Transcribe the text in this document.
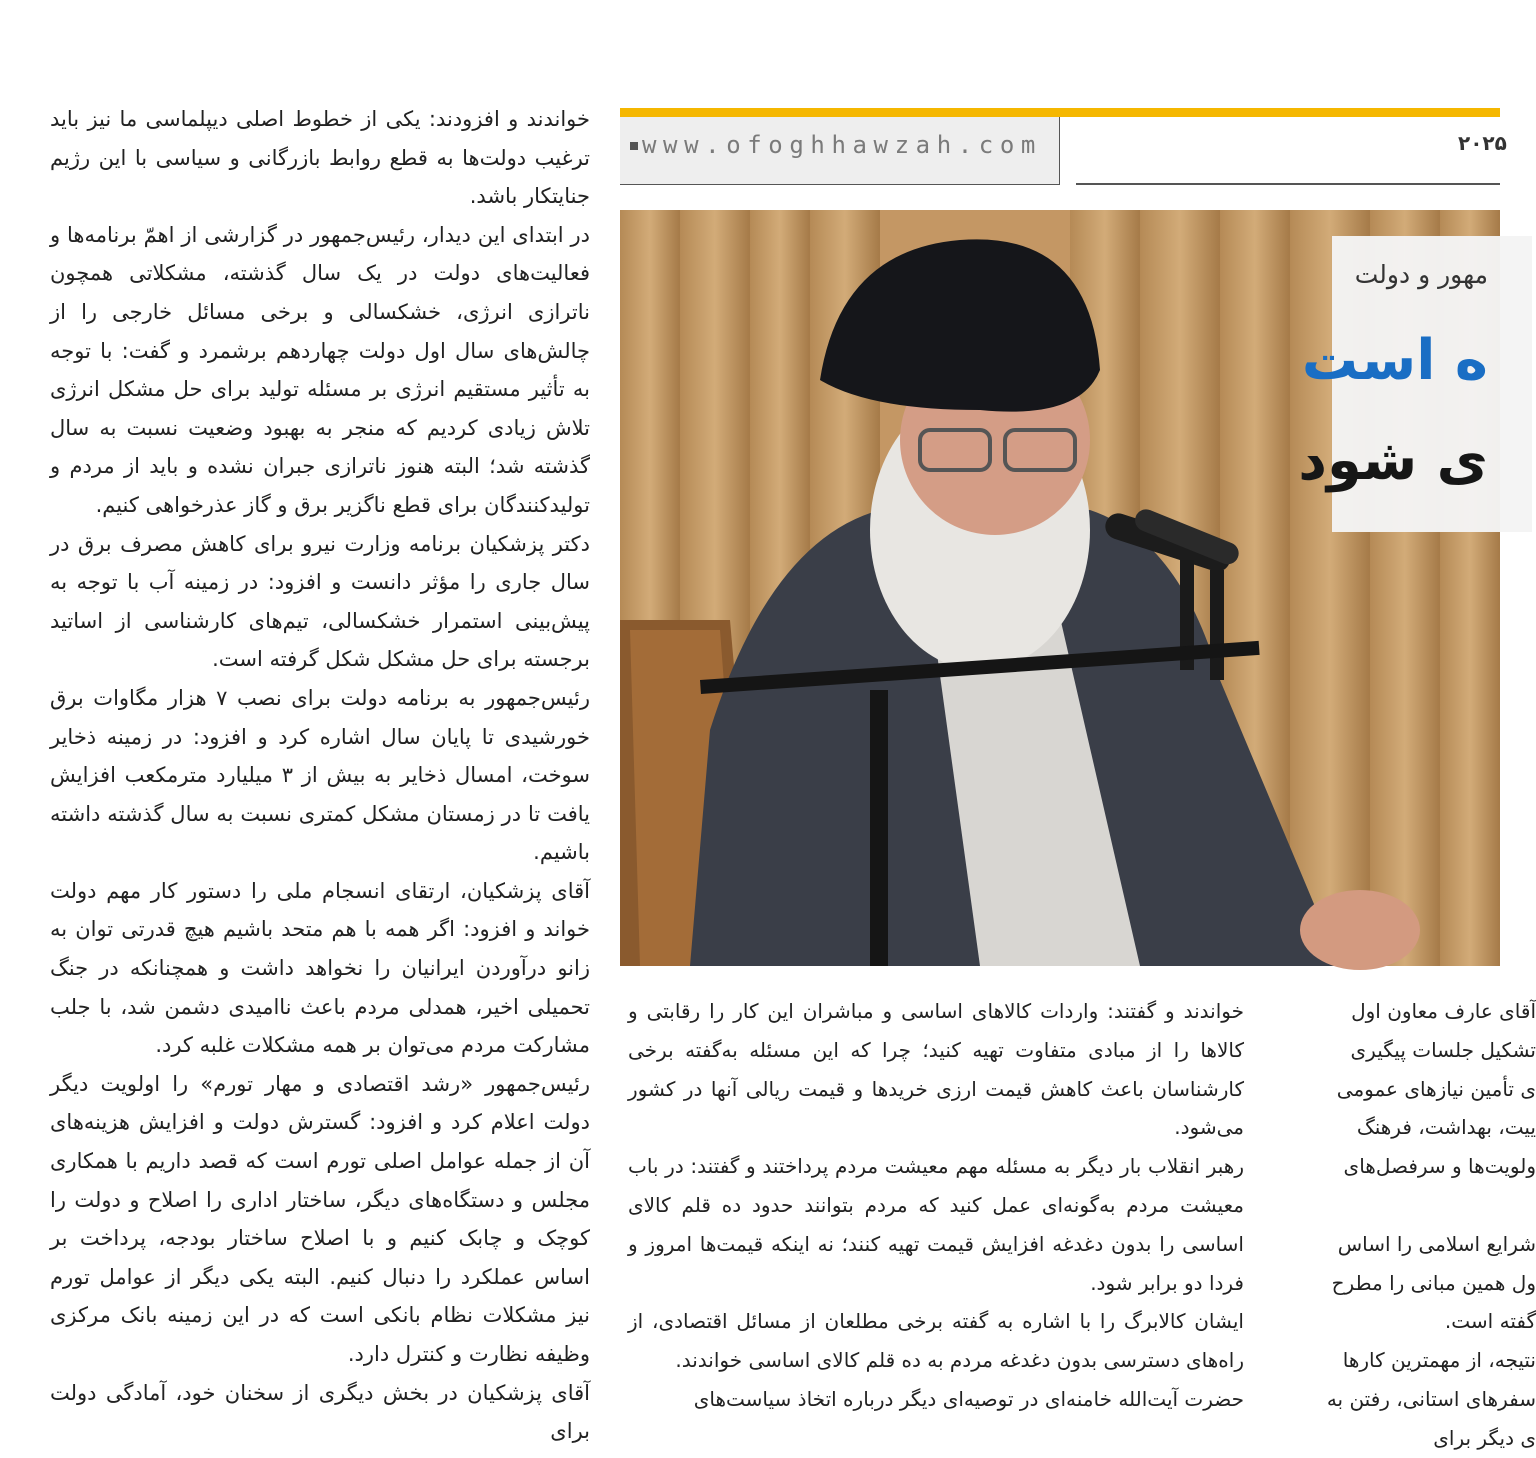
www.ofoghhawzah.com	۲۰۲۵
مهور و دولت
ه است
ی شود

خواندند و افزودند: یکی از خطوط اصلی دیپلماسی ما نیز باید ترغیب دولت‌ها به قطع روابط بازرگانی و سیاسی با این رژیم جنایتکار باشد.

در ابتدای این دیدار، رئیس‌جمهور در گزارشی از اهمّ برنامه‌ها و فعالیت‌های دولت در یک سال گذشته، مشکلاتی همچون ناترازی انرژی، خشکسالی و برخی مسائل خارجی را از چالش‌های سال اول دولت چهاردهم برشمرد و گفت: با توجه به تأثیر مستقیم انرژی بر مسئله تولید برای حل مشکل انرژی تلاش زیادی کردیم که منجر به بهبود وضعیت نسبت به سال گذشته شد؛ البته هنوز ناترازی جبران نشده و باید از مردم و تولیدکنندگان برای قطع ناگزیر برق و گاز عذرخواهی کنیم.

دکتر پزشکیان برنامه وزارت نیرو برای کاهش مصرف برق در سال جاری را مؤثر دانست و افزود: در زمینه آب با توجه به پیش‌بینی استمرار خشکسالی، تیم‌های کارشناسی از اساتید برجسته برای حل مشکل شکل گرفته است.

رئیس‌جمهور به برنامه دولت برای نصب ۷ هزار مگاوات برق خورشیدی تا پایان سال اشاره کرد و افزود: در زمینه ذخایر سوخت، امسال ذخایر به بیش از ۳ میلیارد مترمکعب افزایش یافت تا در زمستان مشکل کمتری نسبت به سال گذشته داشته باشیم.

آقای پزشکیان، ارتقای انسجام ملی را دستور کار مهم دولت خواند و افزود: اگر همه با هم متحد باشیم هیچ قدرتی توان به زانو درآوردن ایرانیان را نخواهد داشت و همچنانکه در جنگ تحمیلی اخیر، همدلی مردم باعث ناامیدی دشمن شد، با جلب مشارکت مردم می‌توان بر همه مشکلات غلبه کرد.

رئیس‌جمهور «رشد اقتصادی و مهار تورم» را اولویت دیگر دولت اعلام کرد و افزود: گسترش دولت و افزایش هزینه‌های آن از جمله عوامل اصلی تورم است که قصد داریم با همکاری مجلس و دستگاه‌های دیگر، ساختار اداری را اصلاح و دولت را کوچک و چابک کنیم و با اصلاح ساختار بودجه، پرداخت بر اساس عملکرد را دنبال کنیم. البته یکی دیگر از عوامل تورم نیز مشکلات نظام بانکی است که در این زمینه بانک مرکزی وظیفه نظارت و کنترل دارد.

آقای پزشکیان در بخش دیگری از سخنان خود، آمادگی دولت برای

خواندند و گفتند: واردات کالاهای اساسی و مباشران این کار را رقابتی و کالاها را از مبادی متفاوت تهیه کنید؛ چرا که این مسئله به‌گفته برخی کارشناسان باعث کاهش قیمت ارزی خریدها و قیمت ریالی آنها در کشور می‌شود.

رهبر انقلاب بار دیگر به مسئله مهم معیشت مردم پرداختند و گفتند: در باب معیشت مردم به‌گونه‌ای عمل کنید که مردم بتوانند حدود ده قلم کالای اساسی را بدون دغدغه افزایش قیمت تهیه کنند؛ نه اینکه قیمت‌ها امروز و فردا دو برابر شود.

ایشان کالابرگ را با اشاره به گفته برخی مطلعان از مسائل اقتصادی، از راه‌های دسترسی بدون دغدغه مردم به ده قلم کالای اساسی خواندند.

حضرت آیت‌الله خامنه‌ای در توصیه‌ای دیگر درباره اتخاذ سیاست‌های

آقای عارف معاون اول

تشکیل جلسات پیگیری

ی تأمین نیازهای عمومی

ییت، بهداشت، فرهنگ

ولویت‌ها و سرفصل‌های

شرایع اسلامی را اساس

ول همین مبانی را مطرح

گفته است.

نتیجه، از مهمترین کارها

سفرهای استانی، رفتن به

ی دیگر برای
